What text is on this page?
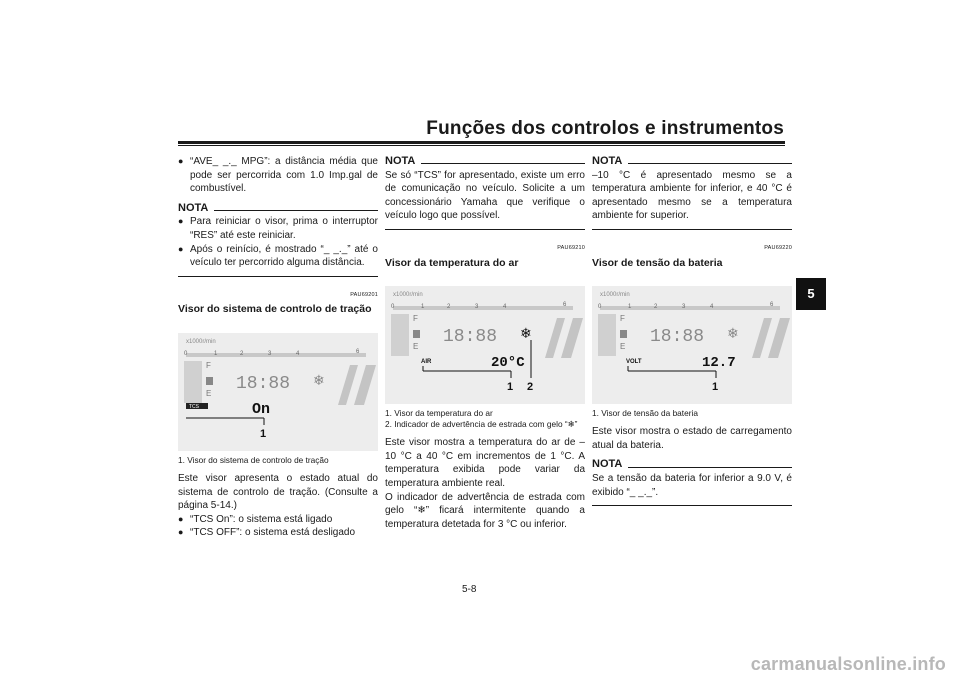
Funções dos controlos e instrumentos
5
● “AVE_ _._ MPG”: a distância média que pode ser percorrida com 1.0 Imp.gal de combustível.
NOTA
● Para reiniciar o visor, prima o interruptor “RES” até este reiniciar.
● Após o reinício, é mostrado “_ _._” até o veículo ter percorrido alguma distância.
PAU69201
Visor do sistema de controlo de tração
x1000r/min
0	1	2	3	4	6
F
E 18:88 ❄
TCS	On
1
1. Visor do sistema de controlo de tração
Este visor apresenta o estado atual do sistema de controlo de tração. (Consulte a página 5-14.)
● “TCS On”: o sistema está ligado
● “TCS OFF”: o sistema está desligado
NOTA
Se só “TCS” for apresentado, existe um erro de comunicação no veículo. Solicite a um concessionário Yamaha que verifique o veículo logo que possível.
PAU69210
Visor da temperatura do ar
x1000r/min
0	1	2	3	4	6
F
E 18:88 ❄
AIR	20°C
1 2
1. Visor da temperatura do ar
2. Indicador de advertência de estrada com gelo “❄”
Este visor mostra a temperatura do ar de –10 °C a 40 °C em incrementos de 1 °C. A temperatura exibida pode variar da temperatura ambiente real.
O indicador de advertência de estrada com gelo “❄” ficará intermitente quando a temperatura detetada for 3 °C ou inferior.
NOTA
–10 °C é apresentado mesmo se a temperatura ambiente for inferior, e 40 °C é apresentado mesmo se a temperatura ambiente for superior.
PAU69220
Visor de tensão da bateria
x1000r/min
0	1	2	3	4	6
F
E 18:88 ❄
VOLT	12.7
1
1. Visor de tensão da bateria
Este visor mostra o estado de carregamento atual da bateria.
NOTA
Se a tensão da bateria for inferior a 9.0 V, é exibido “_ _._”.
5-8
carmanualsonline.info
